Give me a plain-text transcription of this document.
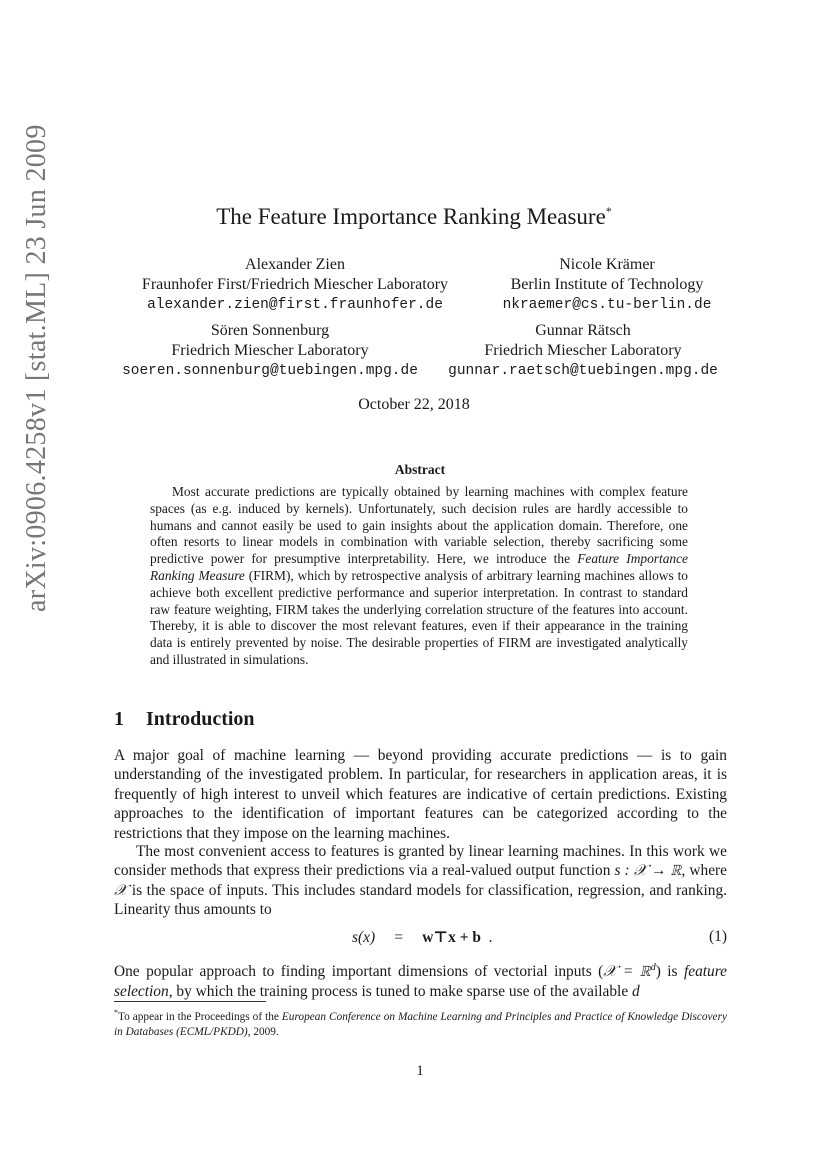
arXiv:0906.4258v1 [stat.ML] 23 Jun 2009	The Feature Importance Ranking Measure*
Alexander Zien
Fraunhofer First/Friedrich Miescher Laboratory
alexander.zien@first.fraunhofer.de
Nicole Krämer
Berlin Institute of Technology
nkraemer@cs.tu-berlin.de
Sören Sonnenburg
Friedrich Miescher Laboratory
soeren.sonnenburg@tuebingen.mpg.de
Gunnar Rätsch
Friedrich Miescher Laboratory
gunnar.raetsch@tuebingen.mpg.de
October 22, 2018
Abstract
Most accurate predictions are typically obtained by learning machines with complex feature spaces (as e.g. induced by kernels). Unfortunately, such decision rules are hardly accessible to humans and cannot easily be used to gain insights about the application domain. Therefore, one often resorts to linear models in combination with variable selection, thereby sacrificing some predictive power for presumptive interpretability. Here, we introduce the Feature Importance Ranking Measure (FIRM), which by retrospective analysis of arbitrary learning machines allows to achieve both excellent predictive performance and superior interpretation. In contrast to standard raw feature weighting, FIRM takes the underlying correlation structure of the features into account. Thereby, it is able to discover the most relevant features, even if their appearance in the training data is entirely prevented by noise. The desirable properties of FIRM are investigated analytically and illustrated in simulations.
1 Introduction
A major goal of machine learning — beyond providing accurate predictions — is to gain understanding of the investigated problem. In particular, for researchers in application areas, it is frequently of high interest to unveil which features are indicative of certain predictions. Existing approaches to the identification of important features can be categorized according to the restrictions that they impose on the learning machines.
The most convenient access to features is granted by linear learning machines. In this work we consider methods that express their predictions via a real-valued output function s : 𝒳 → ℝ, where 𝒳 is the space of inputs. This includes standard models for classification, regression, and ranking. Linearity thus amounts to
s(x) = w⊤x + b .	(1)
One popular approach to finding important dimensions of vectorial inputs (𝒳 = ℝ$^d$) is feature selection, by which the training process is tuned to make sparse use of the available d
*To appear in the Proceedings of the European Conference on Machine Learning and Principles and Practice of Knowledge Discovery in Databases (ECML/PKDD), 2009.
1
